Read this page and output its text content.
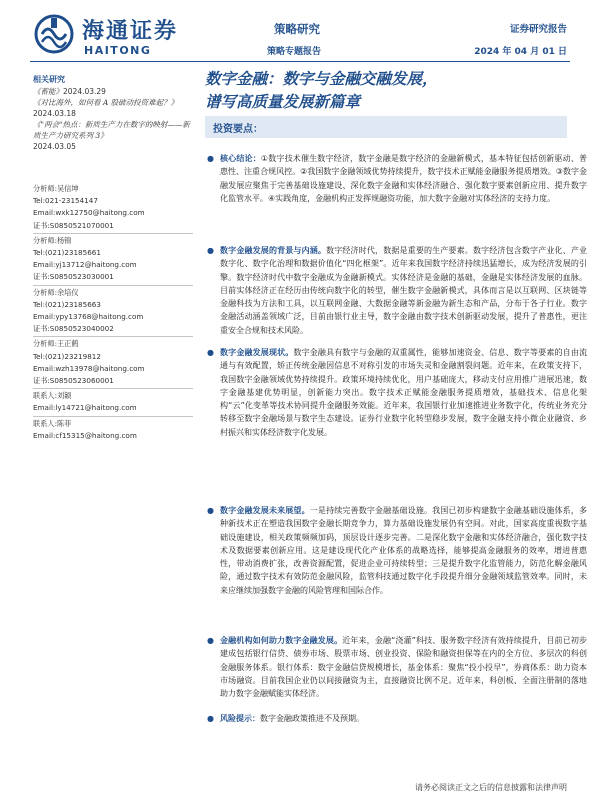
海通证券
HAITONG
策略研究
策略专题报告
证券研究报告
2024 年 04 月 01 日
相关研究
《蓄能》2024.03.29
《对比海外，如何看 A 股破动投资难起？》2024.03.18
《"两会"热点：新质生产力在数字的映射——新质生产力研究系列 3》
2024.03.05
分析师:吴信坤
Tel:021-23154147
Email:wxk12750@haitong.com
证书:S0850521070001
分析师:杨锦
Tel:(021)23185661
Email:yj13712@haitong.com
证书:S0850523030001
分析师:余培仪
Tel:(021)23185663
Email:ypy13768@haitong.com
证书:S0850523040002
分析师:王正鹤
Tel:(021)23219812
Email:wzh13978@haitong.com
证书:S0850523060001
联系人:刘颖
Email:ly14721@haitong.com
联系人:陈菲
Email:cf15315@haitong.com
数字金融：数字与金融交融发展，
谱写高质量发展新篇章
投资要点：
● 核心结论：①数字技术催生数字经济，数字金融是数字经济的金融新模式，基本特征包括创新驱动、普惠性、注重合规风控。②我国数字金融领域优势持续提升，数字技术正赋能金融服务提质增效。③数字金融发展应聚焦于完善基础设施建设、深化数字金融和实体经济融合、强化数字要素创新应用、提升数字化监管水平。④实践角度，金融机构正发挥规融资功能，加大数字金融对实体经济的支持力度。
● 数字金融发展的背景与内涵。数字经济时代，数据是重要的生产要素。数字经济包含数字产业化、产业数字化、数字化治理和数据价值化“四化框架”。近年来我国数字经济持续迅猛增长，成为经济发展的引擎。数字经济时代中数字金融成为金融新模式。实体经济是金融的基础，金融是实体经济发展的血脉。目前实体经济正在经历由传统向数字化的转型，催生数字金融新模式，具体而言是以互联网、区块链等金融科技为方法和工具，以互联网金融、大数据金融等新金融为新生态和产品，分布于各子行业。数字金融活动涵盖领域广泛，目前由银行业主导，数字金融由数字技术创新驱动发展，提升了普惠性，更注重安全合规和技术风险。
● 数字金融发展现状。数字金融具有数字与金融的双重属性，能够加速资金、信息、数字等要素的自由流通与有效配置，矫正传统金融因信息不对称引发的市场失灵和金融割裂问题。近年来，在政策支持下，我国数字金融领域优势持续提升。政策环境持续优化，用户基础庞大，移动支付应用推广进展迅速，数字金融基建优势明显，创新能力突出。数字技术正赋能金融服务提质增效，基础技术、信息化架构“云”化变革等技术协同提升金融服务效能。近年来，我国银行业加速推进业务数字化，传统业务充分转移至数字金融场景与数字生态建设。证券行业数字化转型稳步发展，数字金融支持小微企业融资、乡村振兴和实体经济数字化发展。
● 数字金融发展未来展望。一是持续完善数字金融基础设施。我国已初步构建数字金融基础设施体系，多种新技术正在塑造我国数字金融长期竞争力，算力基础设施发展仍有空间。对此，国家高度重视数字基础设施建设，相关政策频频加码，顶层设计逐步完善。二是深化数字金融和实体经济融合，强化数字技术及数据要素创新应用。这是建设现代化产业体系的战略选择，能够提高金融服务的效率，增进普惠性，带动消费扩张，改善资源配置，促进企业可持续转型；三是提升数字化监管能力，防范化解金融风险，通过数字技术有效防范金融风险，监管科技通过数字化手段提升细分金融领域监管效率。同时，未来应继续加强数字金融的风险管理和国际合作。
● 金融机构如何助力数字金融发展。近年来，金融“浇灌”科技、服务数字经济有效持续提升，目前已初步建成包括银行信贷、债券市场、股票市场、创业投资、保险和融资担保等在内的全方位、多层次的科创金融服务体系。银行体系：数字金融信贷规模增长，基金体系：聚焦“投小投早”，券商体系：助力资本市场融资。目前我国企业仍以间接融资为主，直接融资比例不足。近年来，科创板、全面注册制的落地助力数字金融赋能实体经济。
● 风险提示：数字金融政策推进不及预期。
请务必阅读正文之后的信息披露和法律声明
